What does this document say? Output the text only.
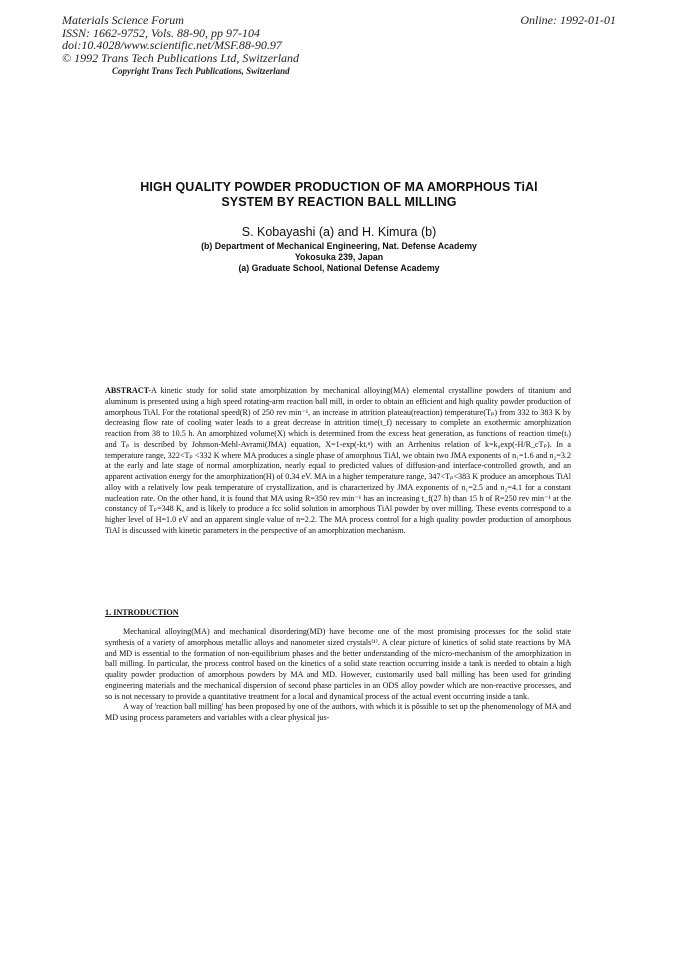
Materials Science Forum
ISSN: 1662-9752, Vols. 88-90, pp 97-104
doi:10.4028/www.scientific.net/MSF.88-90.97
© 1992 Trans Tech Publications Ltd, Switzerland
Online: 1992-01-01
Copyright Trans Tech Publications, Switzerland
HIGH QUALITY POWDER PRODUCTION OF MA AMORPHOUS TiAl
SYSTEM BY REACTION BALL MILLING
S. Kobayashi (a) and H. Kimura (b)
(b) Department of Mechanical Engineering, Nat. Defense Academy
Yokosuka 239, Japan
(a) Graduate School, National Defense Academy
ABSTRACT-A kinetic study for solid state amorphization by mechanical alloying(MA) elemental crystalline powders of titanium and aluminum is presented using a high speed rotating-arm reaction ball mill, in order to obtain an efficient and high quality powder production of amorphous TiAl. For the rotational speed(R) of 250 rev min⁻¹, an increase in attrition plateau(reaction) temperature(Tₚ) from 332 to 383 K by decreasing flow rate of cooling water leads to a great decrease in attrition time(t_f) necessary to complete an exothermic amorphization reaction from 38 to 10.5 h. An amorphized volume(X) which is determined from the excess heat generation, as functions of reaction time(tᵣ) and Tₚ is described by Johnson-Mehl-Avrami(JMA) equation, X=1-exp(-ktᵣⁿ) with an Arrhenius relation of k=k₀exp(-H/R_cTₚ). In a temperature range, 322<Tₚ <332 K where MA produces a single phase of amorphous TiAl, we obtain two JMA exponents of n₁=1.6 and n₂=3.2 at the early and late stage of normal amorphization, nearly equal to predicted values of diffusion-and interface-controlled growth, and an apparent activation energy for the amorphization(H) of 0.34 eV. MA in a higher temperature range, 347<Tₚ<383 K produce an amorphous TiAl alloy with a relatively low peak temperature of crystallization, and is characterized by JMA exponents of n₁=2.5 and n₂=4.1 for a constant nucleation rate. On the other hand, it is found that MA using R=350 rev min⁻¹ has an increasing t_f(27 h) than 15 h of R=250 rev min⁻¹ at the constancy of Tₚ=348 K, and is likely to produce a fcc solid solution in amorphous TiAl powder by over milling. These events correspond to a higher level of H=1.0 eV and an apparent single value of n=2.2. The MA process control for a high quality powder production of amorphous TiAl is discussed with kinetic parameters in the perspective of an amorphization mechanism.
1. INTRODUCTION

Mechanical alloying(MA) and mechanical disordering(MD) have become one of the most promising processes for the solid state synthesis of a variety of amorphous metallic alloys and nanometer sized crystals⁽¹⁾. A clear picture of kinetics of solid state reactions by MA and MD is essential to the formation of non-equilibrium phases and the better understanding of the micro-mechanism of the amorphization in ball milling. In particular, the process control based on the kinetics of a solid state reaction occurring inside a tank is needed to obtain a high quality powder production of amorphous powders by MA and MD. However, customarily used ball milling has been used for grinding engineering materials and the mechanical dispersion of second phase particles in an ODS alloy powder which are non-reactive processes, and so is not necessary to provide a quantitative treatment for a local and dynamical process of the actual event occurring inside a tank.

A way of 'reaction ball milling' has been proposed by one of the authors, with which it is pôssible to set up the phenomenology of MA and MD using process parameters and variables with a clear physical jus-
